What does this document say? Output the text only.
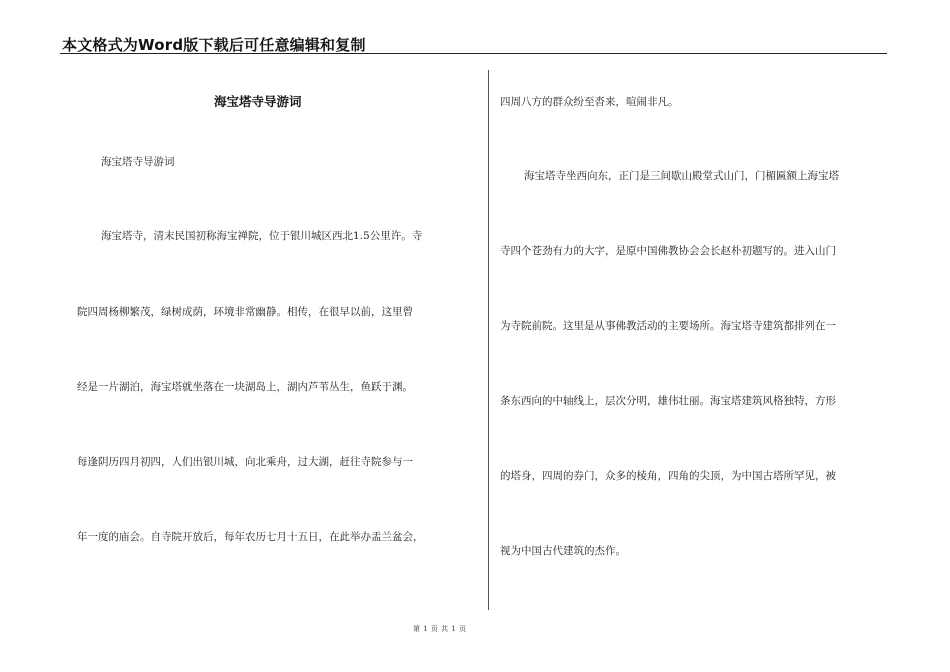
本文格式为Word版下载后可任意编辑和复制
海宝塔寺导游词
海宝塔寺导游词
海宝塔寺，清末民国初称海宝禅院，位于银川城区西北1.5公里许。寺
院四周杨柳繁茂，绿树成荫，环境非常幽静。相传，在很早以前，这里曾
经是一片湖泊，海宝塔就坐落在一块湖岛上，湖内芦苇丛生，鱼跃于渊。
每逢阴历四月初四，人们出银川城，向北乘舟，过大湖，赶往寺院参与一
年一度的庙会。自寺院开放后，每年农历七月十五日，在此举办盂兰盆会，
四周八方的群众纷至沓来，喧闹非凡。
海宝塔寺坐西向东，正门是三间歇山殿堂式山门，门楣匾额上海宝塔
寺四个苍劲有力的大字，是原中国佛教协会会长赵朴初题写的。进入山门
为寺院前院。这里是从事佛教活动的主要场所。海宝塔寺建筑都排列在一
条东西向的中轴线上，层次分明，雄伟壮丽。海宝塔建筑风格独特，方形
的塔身，四周的券门，众多的棱角，四角的尖顶，为中国古塔所罕见，被
视为中国古代建筑的杰作。
第 1 页 共 1 页
